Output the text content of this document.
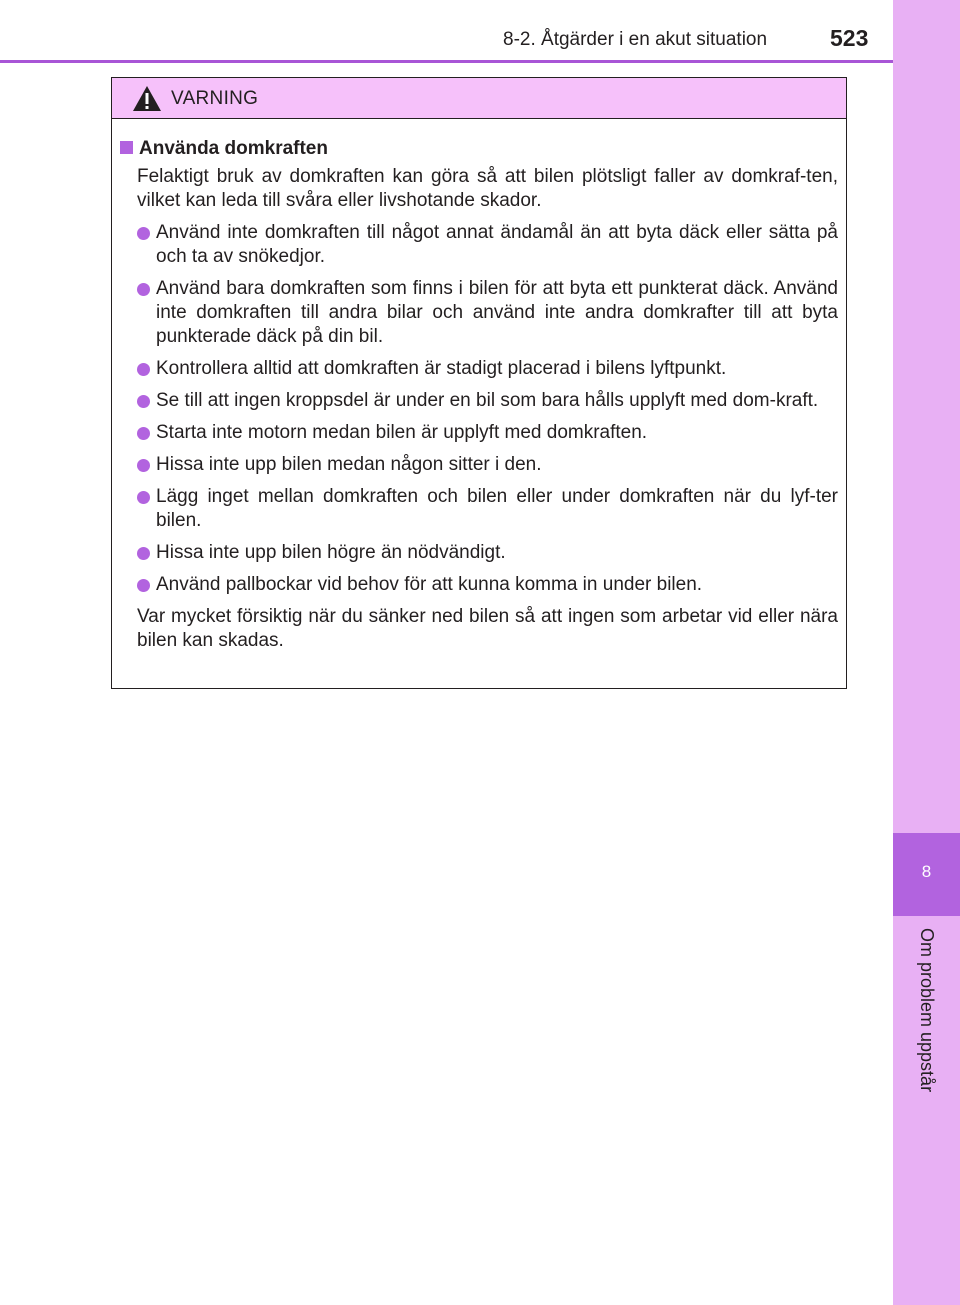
8-2. Åtgärder i en akut situation	523
8
Om problem uppstår
VARNING
Använda domkraften
Felaktigt bruk av domkraften kan göra så att bilen plötsligt faller av domkraf-ten, vilket kan leda till svåra eller livshotande skador.
Använd inte domkraften till något annat ändamål än att byta däck eller sätta på och ta av snökedjor.
Använd bara domkraften som finns i bilen för att byta ett punkterat däck. Använd inte domkraften till andra bilar och använd inte andra domkrafter till att byta punkterade däck på din bil.
Kontrollera alltid att domkraften är stadigt placerad i bilens lyftpunkt.
Se till att ingen kroppsdel är under en bil som bara hålls upplyft med dom-kraft.
Starta inte motorn medan bilen är upplyft med domkraften.
Hissa inte upp bilen medan någon sitter i den.
Lägg inget mellan domkraften och bilen eller under domkraften när du lyf-ter bilen.
Hissa inte upp bilen högre än nödvändigt.
Använd pallbockar vid behov för att kunna komma in under bilen.
Var mycket försiktig när du sänker ned bilen så att ingen som arbetar vid eller nära bilen kan skadas.
